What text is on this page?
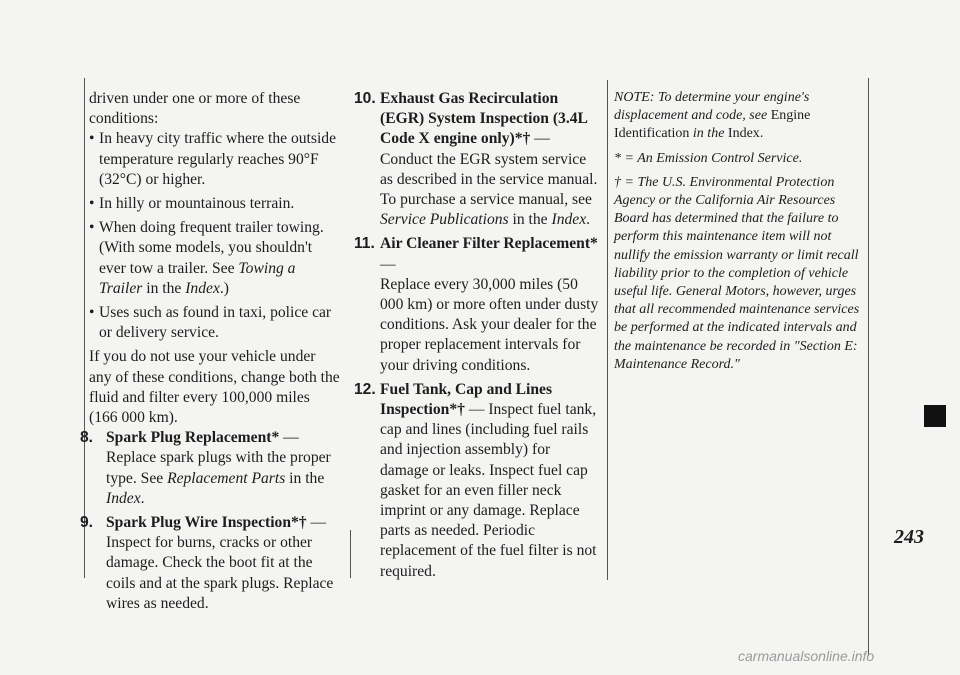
driven under one or more of these conditions:

• In heavy city traffic where the outside temperature regularly reaches 90°F (32°C) or higher.
• In hilly or mountainous terrain.
• When doing frequent trailer towing. (With some models, you shouldn't ever tow a trailer. See Towing a Trailer in the Index.)
• Uses such as found in taxi, police car or delivery service.

If you do not use your vehicle under any of these conditions, change both the fluid and filter every 100,000 miles (166 000 km).

8. Spark Plug Replacement* —
Replace spark plugs with the proper type. See Replacement Parts in the Index.
9. Spark Plug Wire Inspection*† —
Inspect for burns, cracks or other damage. Check the boot fit at the coils and at the spark plugs. Replace wires as needed.
10. Exhaust Gas Recirculation (EGR) System Inspection (3.4L Code X engine only)*† — Conduct the EGR system service as described in the service manual. To purchase a service manual, see Service Publications in the Index.
11. Air Cleaner Filter Replacement* —
Replace every 30,000 miles (50 000 km) or more often under dusty conditions. Ask your dealer for the proper replacement intervals for your driving conditions.
12. Fuel Tank, Cap and Lines Inspection*† — Inspect fuel tank, cap and lines (including fuel rails and injection assembly) for damage or leaks. Inspect fuel cap gasket for an even filler neck imprint or any damage. Replace parts as needed. Periodic replacement of the fuel filter is not required.

NOTE: To determine your engine's displacement and code, see Engine Identification in the Index.

* = An Emission Control Service.

† = The U.S. Environmental Protection Agency or the California Air Resources Board has determined that the failure to perform this maintenance item will not nullify the emission warranty or limit recall liability prior to the completion of vehicle useful life. General Motors, however, urges that all recommended maintenance services be performed at the indicated intervals and the maintenance be recorded in "Section E: Maintenance Record."

243
carmanualsonline.info
